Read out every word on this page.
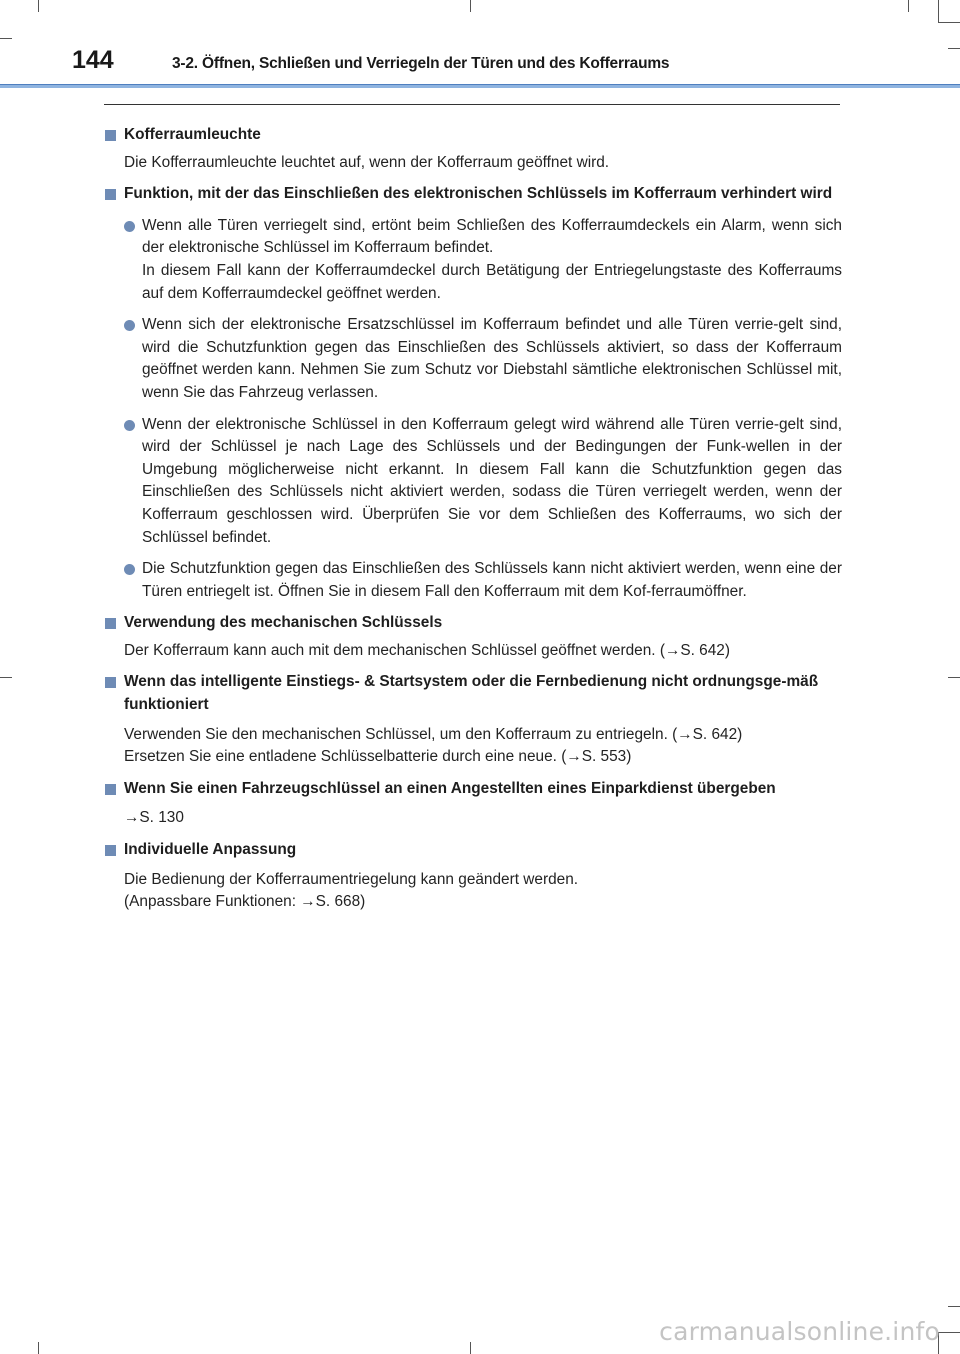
144	3-2. Öffnen, Schließen und Verriegeln der Türen und des Kofferraums
Kofferraumleuchte
Die Kofferraumleuchte leuchtet auf, wenn der Kofferraum geöffnet wird.
Funktion, mit der das Einschließen des elektronischen Schlüssels im Kofferraum verhindert wird
Wenn alle Türen verriegelt sind, ertönt beim Schließen des Kofferraumdeckels ein Alarm, wenn sich der elektronische Schlüssel im Kofferraum befindet.
In diesem Fall kann der Kofferraumdeckel durch Betätigung der Entriegelungstaste des Kofferraums auf dem Kofferraumdeckel geöffnet werden.
Wenn sich der elektronische Ersatzschlüssel im Kofferraum befindet und alle Türen verrie-gelt sind, wird die Schutzfunktion gegen das Einschließen des Schlüssels aktiviert, so dass der Kofferraum geöffnet werden kann. Nehmen Sie zum Schutz vor Diebstahl sämtliche elektronischen Schlüssel mit, wenn Sie das Fahrzeug verlassen.
Wenn der elektronische Schlüssel in den Kofferraum gelegt wird während alle Türen verrie-gelt sind, wird der Schlüssel je nach Lage des Schlüssels und der Bedingungen der Funk-wellen in der Umgebung möglicherweise nicht erkannt. In diesem Fall kann die Schutzfunktion gegen das Einschließen des Schlüssels nicht aktiviert werden, sodass die Türen verriegelt werden, wenn der Kofferraum geschlossen wird. Überprüfen Sie vor dem Schließen des Kofferraums, wo sich der Schlüssel befindet.
Die Schutzfunktion gegen das Einschließen des Schlüssels kann nicht aktiviert werden, wenn eine der Türen entriegelt ist. Öffnen Sie in diesem Fall den Kofferraum mit dem Kof-ferraumöffner.
Verwendung des mechanischen Schlüssels
Der Kofferraum kann auch mit dem mechanischen Schlüssel geöffnet werden. (→S. 642)
Wenn das intelligente Einstiegs- & Startsystem oder die Fernbedienung nicht ordnungsge-mäß funktioniert
Verwenden Sie den mechanischen Schlüssel, um den Kofferraum zu entriegeln. (→S. 642)
Ersetzen Sie eine entladene Schlüsselbatterie durch eine neue. (→S. 553)
Wenn Sie einen Fahrzeugschlüssel an einen Angestellten eines Einparkdienst übergeben
→S. 130
Individuelle Anpassung
Die Bedienung der Kofferraumentriegelung kann geändert werden.
(Anpassbare Funktionen: →S. 668)
carmanualsonline.info
